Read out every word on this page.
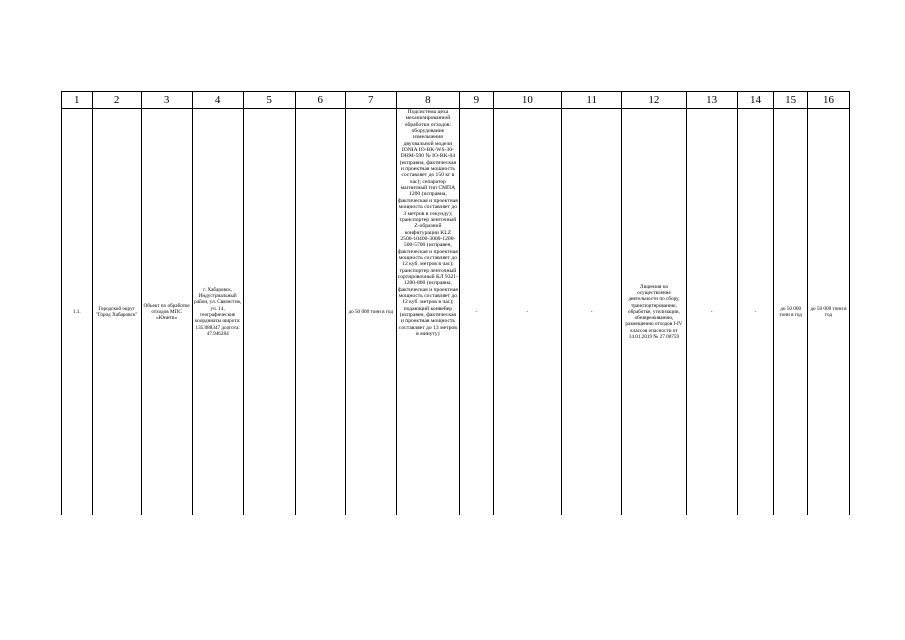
1	2	3	4	5	6	7	8	9	10	11	12	13	14	15	16
1.1.	Городской округ "Город Хабаровск"	Объект по обработке отходов МПС «Юнити»	г. Хабаровск, Индустриальный район, ул. Связистов, уч. 14, географические координаты широта: 135.088347 долгота: 47.946284			до 50 000 тонн в год	Подсистема цеха механизированной обработки отходов: оборудование измельчения двухвальной модели IONIA IO-BK-WS-30-DHM-590 № IO-RK-04 (исправна, фактическая и проектная мощность составляет до 150 кг в час); сепаратор магнитный тип СМПА 1200 (исправна, фактическая и проектная мощность составляет до 3 метров в секунду); транспортер ленточный Z-образной конфигурации KLZ 2500-10400-3000-1200-500-5700 (исправен, фактическая и проектная мощность составляет до 12 куб. метров в час); транспортер ленточный сортировочный КЛ 9321-1200-800 (исправна, фактическая и проектная мощность составляет до 12 куб. метров в час); подающий конвейер (исправен, фактическая и проектная мощность составляет до 13 метров в минуту)	-	-	-	Лицензия на осуществление деятельности по сбору, транспортированию, обработке, утилизации, обезвреживанию, размещению отходов I-IV классов опасности от 14.01.2019 № 27 00759	-	-	до 50 000 тонн в год	до 50 000 тонн в год
